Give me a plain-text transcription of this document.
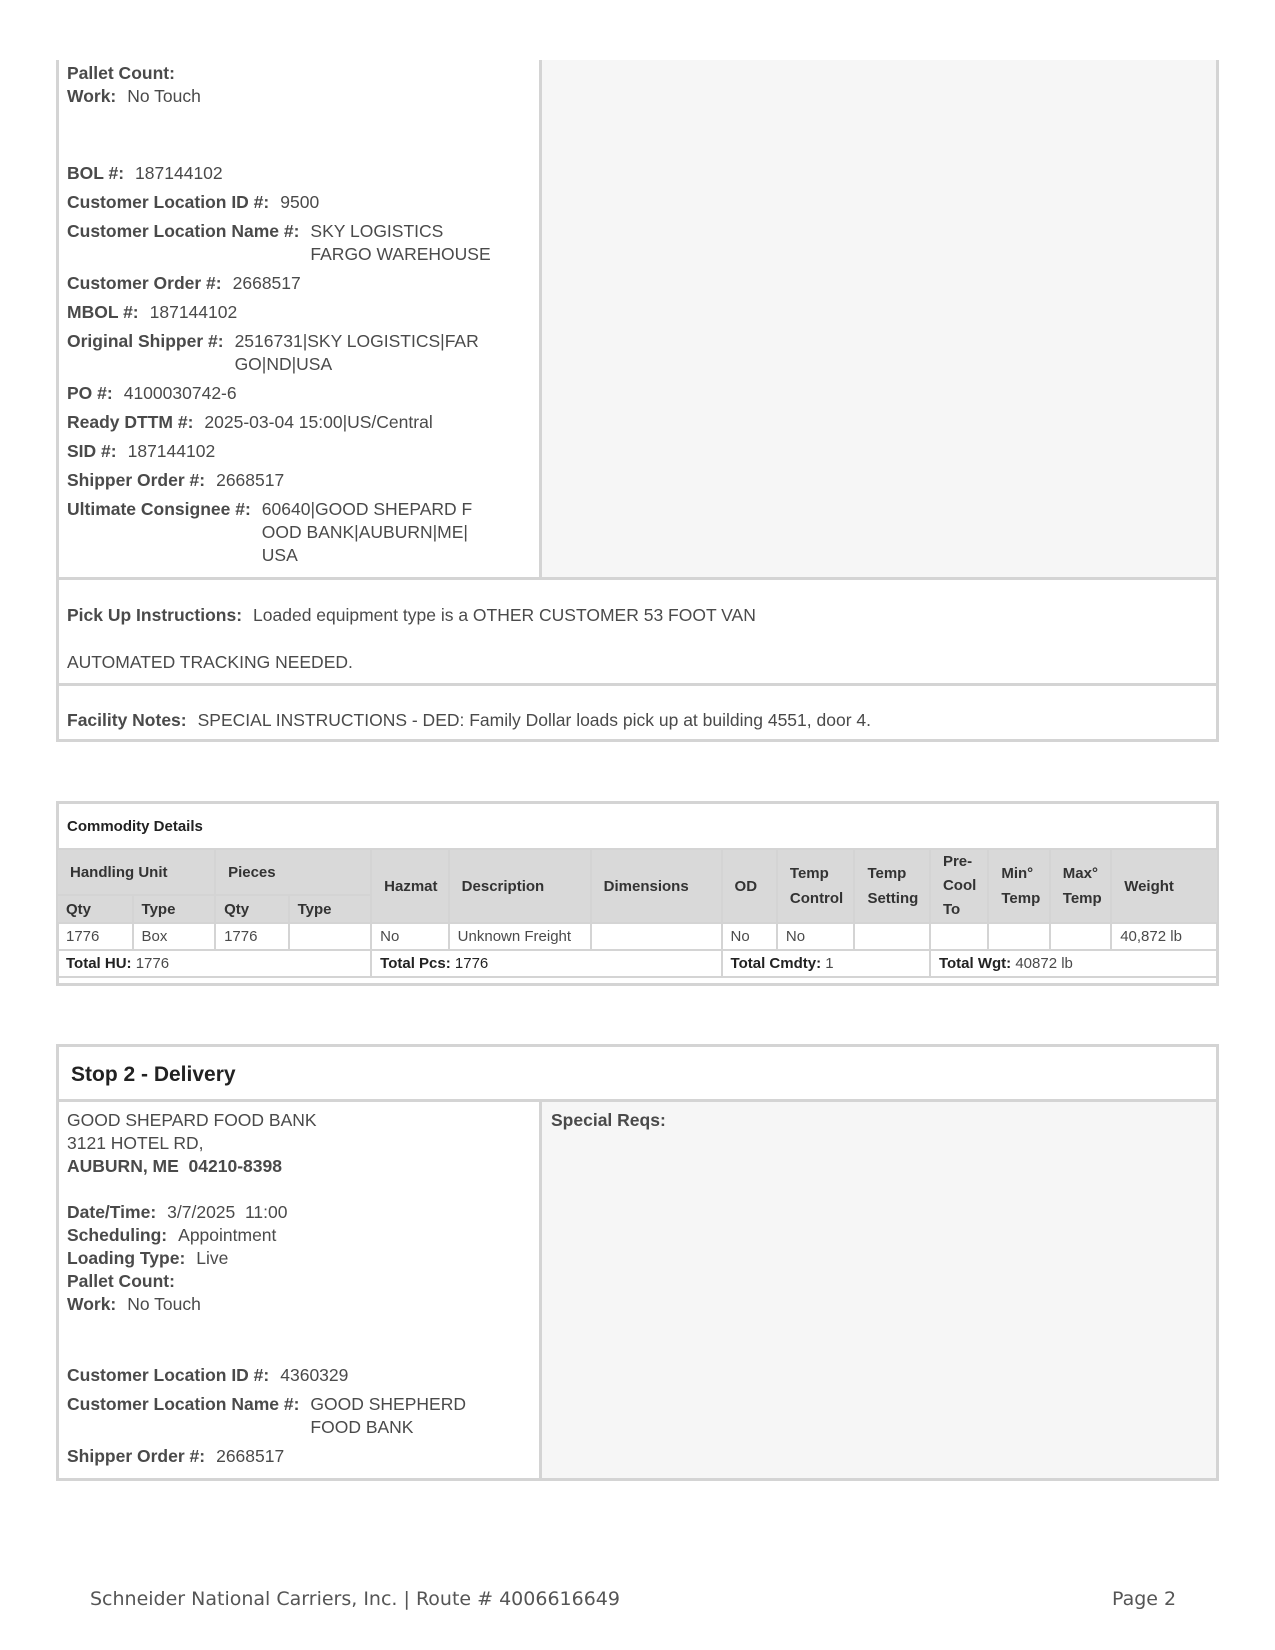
Pallet Count:
Work: No Touch
BOL #: 187144102
Customer Location ID #: 9500
Customer Location Name #: SKY LOGISTICS FARGO WAREHOUSE
Customer Order #: 2668517
MBOL #: 187144102
Original Shipper #: 2516731|SKY LOGISTICS|FARGO|ND|USA
PO #: 4100030742-6
Ready DTTM #: 2025-03-04 15:00|US/Central
SID #: 187144102
Shipper Order #: 2668517
Ultimate Consignee #: 60640|GOOD SHEPARD FOOD BANK|AUBURN|ME|USA
Pick Up Instructions: Loaded equipment type is a OTHER CUSTOMER 53 FOOT VAN
AUTOMATED TRACKING NEEDED.
Facility Notes: SPECIAL INSTRUCTIONS - DED: Family Dollar loads pick up at building 4551, door 4.
Commodity Details
Handling Unit		Pieces		Hazmat	Description	Dimensions	OD	Temp Control	Temp Setting	Pre-Cool To	Min° Temp	Max° Temp	Weight
Qty	Type	Qty	Type										
1776	Box	1776		No	Unknown Freight		No	No					40,872 lb
Total HU: 1776				Total Pcs: 1776			Total Cmdty: 1			Total Wgt: 40872 lb			
Stop 2 - Delivery
Special Reqs:
GOOD SHEPARD FOOD BANK
3121 HOTEL RD,
AUBURN, ME  04210-8398
Date/Time: 3/7/2025  11:00
Scheduling: Appointment
Loading Type: Live
Pallet Count:
Work: No Touch
Customer Location ID #: 4360329
Customer Location Name #: GOOD SHEPHERD FOOD BANK
Shipper Order #: 2668517
Schneider National Carriers, Inc. | Route # 4006616649	Page 2
